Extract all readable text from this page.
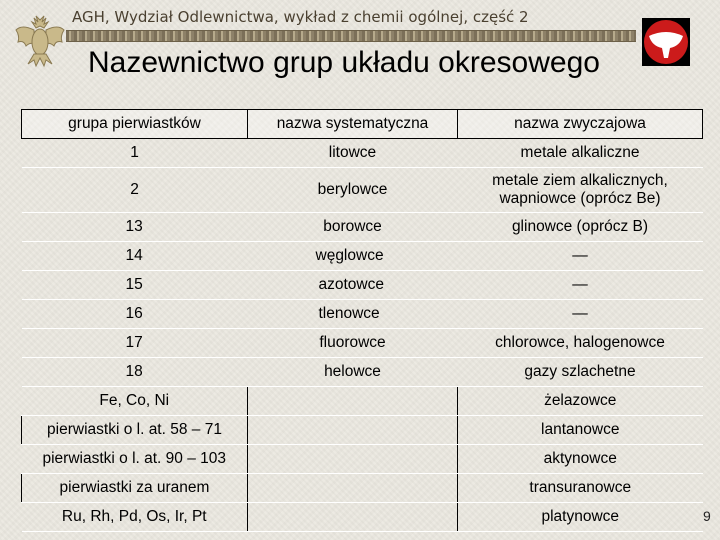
AGH, Wydział Odlewnictwa, wykład z chemii ogólnej, część 2
Nazewnictwo grup układu okresowego
grupa pierwiastków	nazwa systematyczna	nazwa zwyczajowa
1	litowce	metale alkaliczne
2	berylowce	metale ziem alkalicznych, wapniowce (oprócz Be)
13	borowce	glinowce (oprócz B)
14	węglowce	—
15	azotowce	—
16	tlenowce	—
17	fluorowce	chlorowce, halogenowce
18	helowce	gazy szlachetne
Fe, Co, Ni		żelazowce
pierwiastki o l. at. 58 – 71		lantanowce
pierwiastki o l. at. 90 – 103		aktynowce
pierwiastki za uranem		transuranowce
Ru, Rh, Pd, Os, Ir, Pt		platynowce	9
